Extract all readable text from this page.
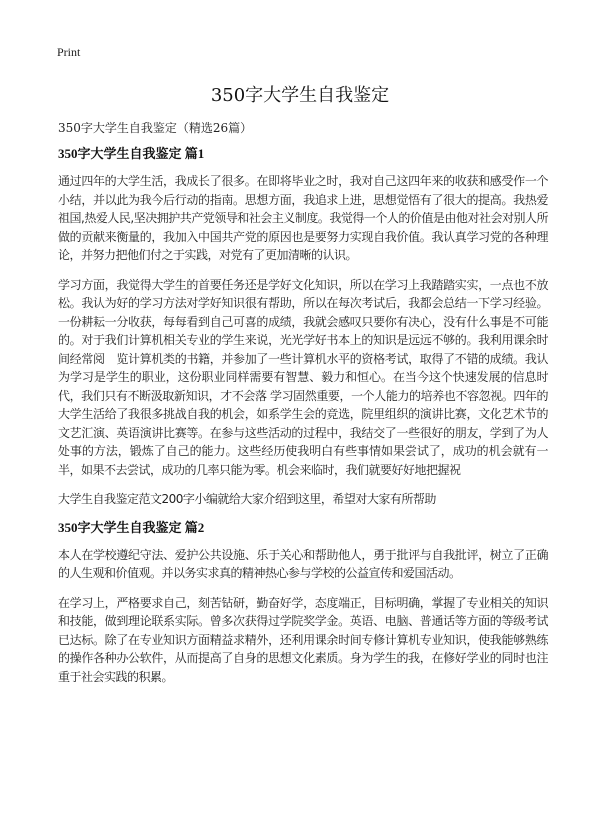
Print
350字大学生自我鉴定

350字大学生自我鉴定（精选26篇）

350字大学生自我鉴定 篇1

通过四年的大学生活，我成长了很多。在即将毕业之时，我对自己这四年来的收获和感受作一个小结，并以此为我今后行动的指南。思想方面，我追求上进，思想觉悟有了很大的提高。我热爱祖国,热爱人民,坚决拥护共产党领导和社会主义制度。我觉得一个人的价值是由他对社会对别人所做的贡献来衡量的，我加入中国共产党的原因也是要努力实现自我价值。我认真学习党的各种理论，并努力把他们付之于实践，对党有了更加清晰的认识。

学习方面，我觉得大学生的首要任务还是学好文化知识，所以在学习上我踏踏实实，一点也不放松。我认为好的学习方法对学好知识很有帮助，所以在每次考试后，我都会总结一下学习经验。一份耕耘一分收获，每每看到自己可喜的成绩，我就会感叹只要你有决心，没有什么事是不可能的。对于我们计算机相关专业的学生来说，光光学好书本上的知识是远远不够的。我利用课余时间经常阅　览计算机类的书籍，并参加了一些计算机水平的资格考试，取得了不错的成绩。我认为学习是学生的职业，这份职业同样需要有智慧、毅力和恒心。在当今这个快速发展的信息时代，我们只有不断汲取新知识，才不会落 学习固然重要，一个人能力的培养也不容忽视。四年的大学生活给了我很多挑战自我的机会，如系学生会的竞选，院里组织的演讲比赛，文化艺术节的文艺汇演、英语演讲比赛等。在参与这些活动的过程中，我结交了一些很好的朋友，学到了为人处事的方法，锻炼了自己的能力。这些经历使我明白有些事情如果尝试了，成功的机会就有一半，如果不去尝试，成功的几率只能为零。机会来临时，我们就要好好地把握祝

大学生自我鉴定范文200字小编就给大家介绍到这里，希望对大家有所帮助

350字大学生自我鉴定 篇2

本人在学校遵纪守法、爱护公共设施、乐于关心和帮助他人，勇于批评与自我批评，树立了正确的人生观和价值观。并以务实求真的精神热心参与学校的公益宣传和爱国活动。

在学习上，严格要求自己，刻苦钻研，勤奋好学，态度端正，目标明确，掌握了专业相关的知识和技能，做到理论联系实际。曾多次获得过学院奖学金。英语、电脑、普通话等方面的等级考试已达标。除了在专业知识方面精益求精外，还利用课余时间专修计算机专业知识，使我能够熟练的操作各种办公软件，从而提高了自身的思想文化素质。身为学生的我，在修好学业的同时也注重于社会实践的积累。
